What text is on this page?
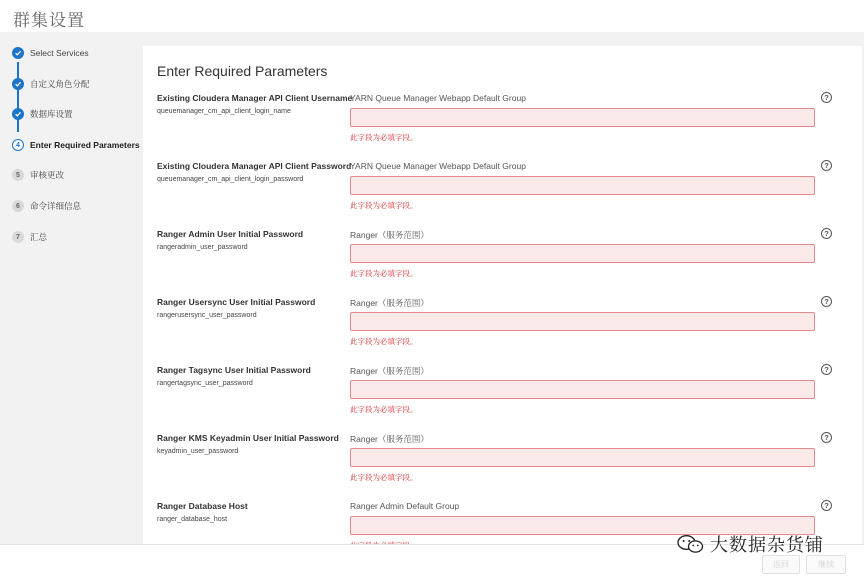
群集设置
Select Services
自定义角色分配
数据库设置
4	Enter Required Parameters
5	审核更改
6	命令详细信息
7	汇总
Enter Required Parameters
Existing Cloudera Manager API Client Username
queuemanager_cm_api_client_login_name
YARN Queue Manager Webapp Default Group	?
此字段为必填字段。
Existing Cloudera Manager API Client Password
queuemanager_cm_api_client_login_password
YARN Queue Manager Webapp Default Group	?
此字段为必填字段。
Ranger Admin User Initial Password
rangeradmin_user_password
Ranger（服务范围）	?
此字段为必填字段。
Ranger Usersync User Initial Password
rangerusersync_user_password
Ranger（服务范围）	?
此字段为必填字段。
Ranger Tagsync User Initial Password
rangertagsync_user_password
Ranger（服务范围）	?
此字段为必填字段。
Ranger KMS Keyadmin User Initial Password
keyadmin_user_password
Ranger（服务范围）	?
此字段为必填字段。
Ranger Database Host
ranger_database_host
Ranger Admin Default Group	?
返回	继续
大数据杂货铺
